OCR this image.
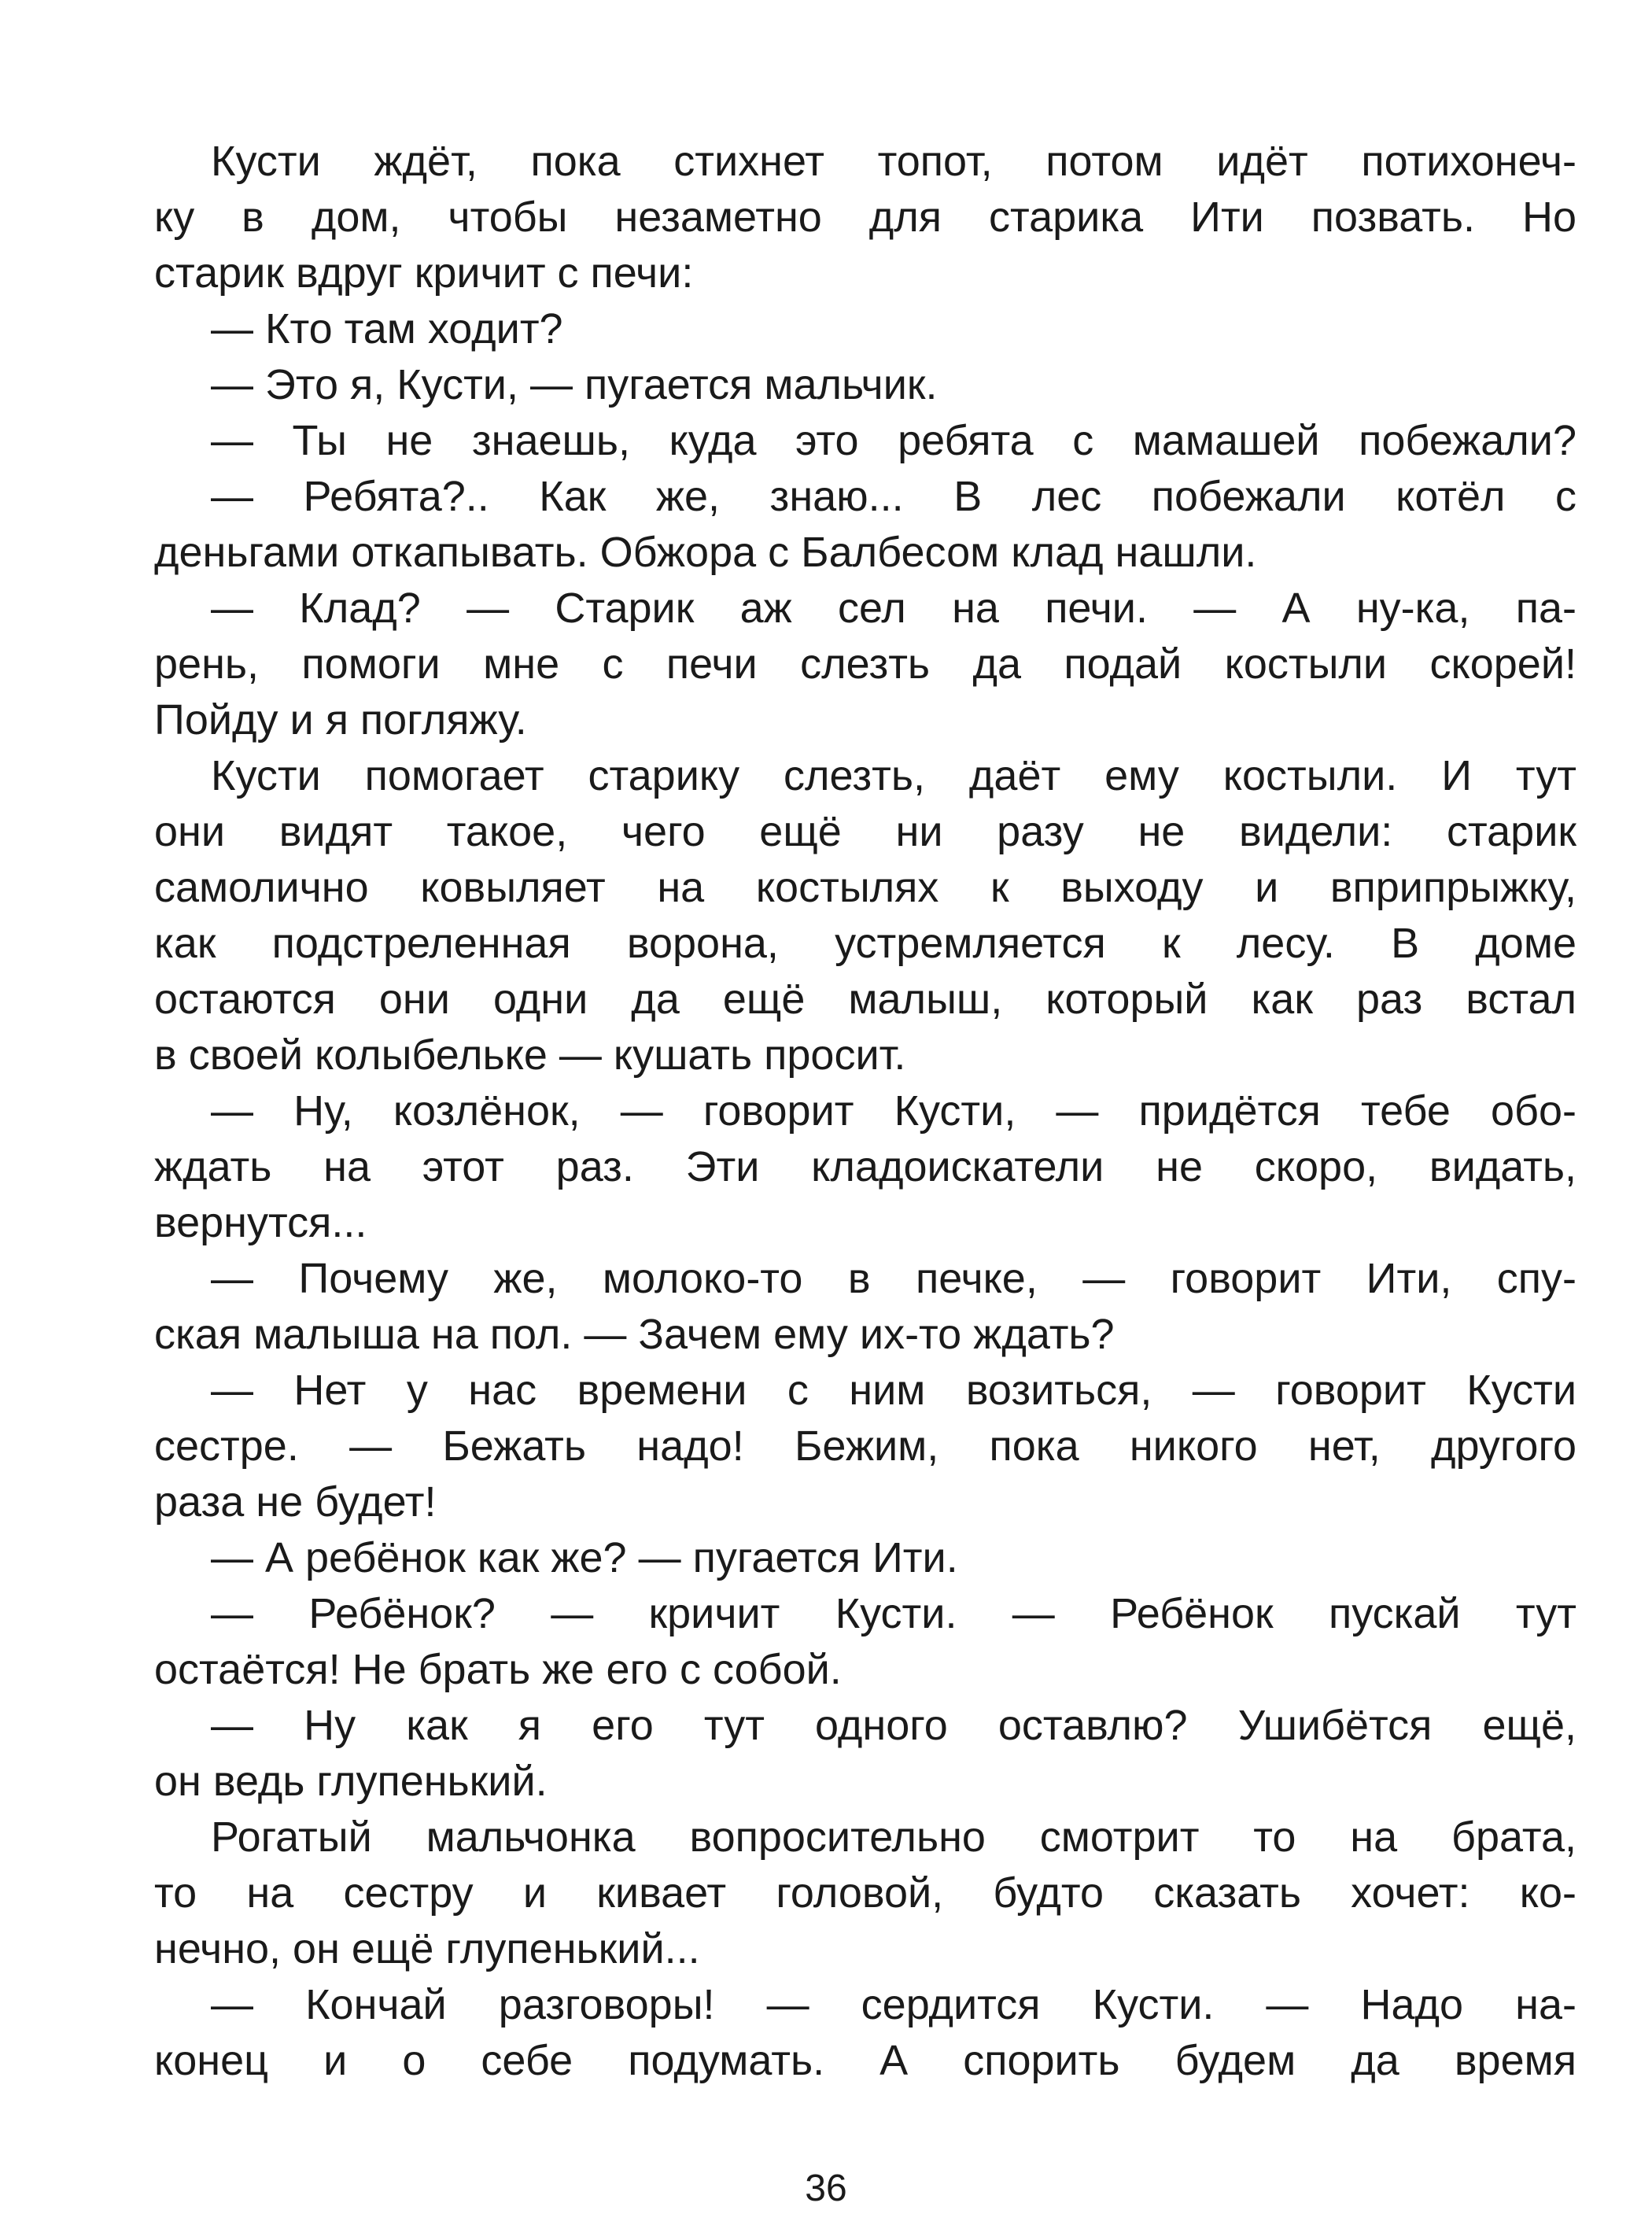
Кусти ждёт, пока стихнет топот, потом идёт потихонеч-
ку в дом, чтобы незаметно для старика Ити позвать. Но
старик вдруг кричит с печи:
— Кто там ходит?
— Это я, Кусти, — пугается мальчик.
— Ты не знаешь, куда это ребята с мамашей побежали?
— Ребята?.. Как же, знаю... В лес побежали котёл с
деньгами откапывать. Обжора с Балбесом клад нашли.
— Клад? — Старик аж сел на печи. — А ну-ка, па-
рень, помоги мне с печи слезть да подай костыли скорей!
Пойду и я погляжу.
Кусти помогает старику слезть, даёт ему костыли. И тут
они видят такое, чего ещё ни разу не видели: старик
самолично ковыляет на костылях к выходу и вприпрыжку,
как подстреленная ворона, устремляется к лесу. В доме
остаются они одни да ещё малыш, который как раз встал
в своей колыбельке — кушать просит.
— Ну, козлёнок, — говорит Кусти, — придётся тебе обо-
ждать на этот раз. Эти кладоискатели не скоро, видать,
вернутся...
— Почему же, молоко-то в печке, — говорит Ити, спу-
ская малыша на пол. — Зачем ему их-то ждать?
— Нет у нас времени с ним возиться, — говорит Кусти
сестре. — Бежать надо! Бежим, пока никого нет, другого
раза не будет!
— А ребёнок как же? — пугается Ити.
— Ребёнок? — кричит Кусти. — Ребёнок пускай тут
остаётся! Не брать же его с собой.
— Ну как я его тут одного оставлю? Ушибётся ещё,
он ведь глупенький.
Рогатый мальчонка вопросительно смотрит то на брата,
то на сестру и кивает головой, будто сказать хочет: ко-
нечно, он ещё глупенький...
— Кончай разговоры! — сердится Кусти. — Надо на-
конец и о себе подумать. А спорить будем да время
36
